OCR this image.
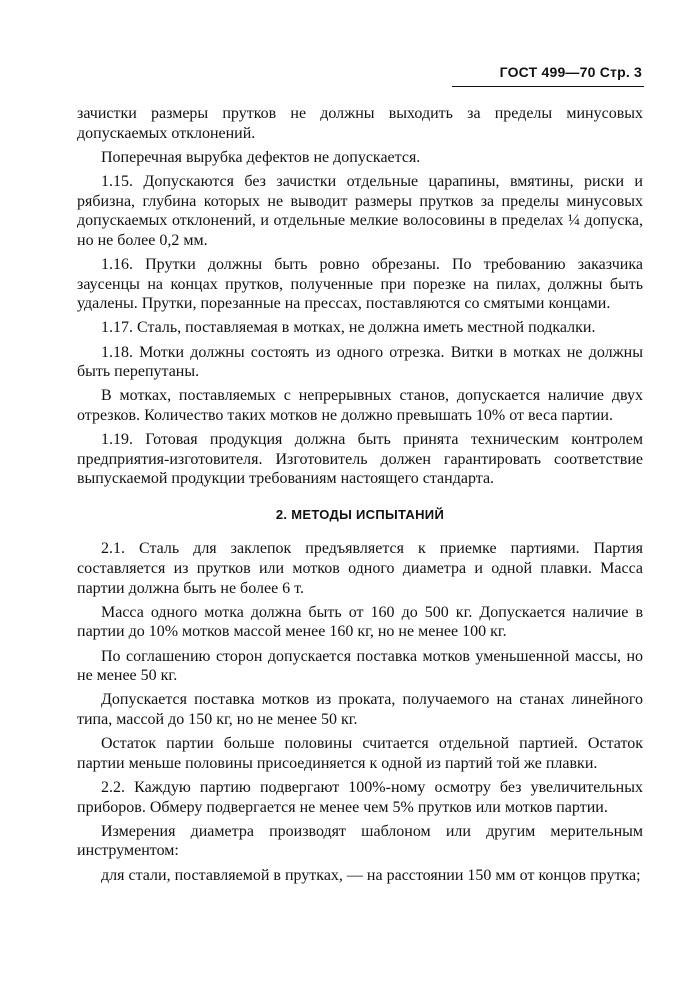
ГОСТ 499—70 Стр. 3

зачистки размеры прутков не должны выходить за пределы минусовых допускаемых отклонений.

Поперечная вырубка дефектов не допускается.

1.15. Допускаются без зачистки отдельные царапины, вмятины, риски и рябизна, глубина которых не выводит размеры прутков за пределы минусовых допускаемых отклонений, и отдельные мелкие волосовины в пределах ¼ допуска, но не более 0,2 мм.

1.16. Прутки должны быть ровно обрезаны. По требованию заказчика заусенцы на концах прутков, полученные при порезке на пилах, должны быть удалены. Прутки, порезанные на прессах, поставляются со смятыми концами.

1.17. Сталь, поставляемая в мотках, не должна иметь местной подкалки.

1.18. Мотки должны состоять из одного отрезка. Витки в мотках не должны быть перепутаны.

В мотках, поставляемых с непрерывных станов, допускается наличие двух отрезков. Количество таких мотков не должно превышать 10% от веса партии.

1.19. Готовая продукция должна быть принята техническим контролем предприятия-изготовителя. Изготовитель должен гарантировать соответствие выпускаемой продукции требованиям настоящего стандарта.

2. МЕТОДЫ ИСПЫТАНИЙ

2.1. Сталь для заклепок предъявляется к приемке партиями. Партия составляется из прутков или мотков одного диаметра и одной плавки. Масса партии должна быть не более 6 т.

Масса одного мотка должна быть от 160 до 500 кг. Допускается наличие в партии до 10% мотков массой менее 160 кг, но не менее 100 кг.

По соглашению сторон допускается поставка мотков уменьшенной массы, но не менее 50 кг.

Допускается поставка мотков из проката, получаемого на станах линейного типа, массой до 150 кг, но не менее 50 кг.

Остаток партии больше половины считается отдельной партией. Остаток партии меньше половины присоединяется к одной из партий той же плавки.

2.2. Каждую партию подвергают 100%-ному осмотру без увеличительных приборов. Обмеру подвергается не менее чем 5% прутков или мотков партии.

Измерения диаметра производят шаблоном или другим мерительным инструментом:

для стали, поставляемой в прутках, — на расстоянии 150 мм от концов прутка;
